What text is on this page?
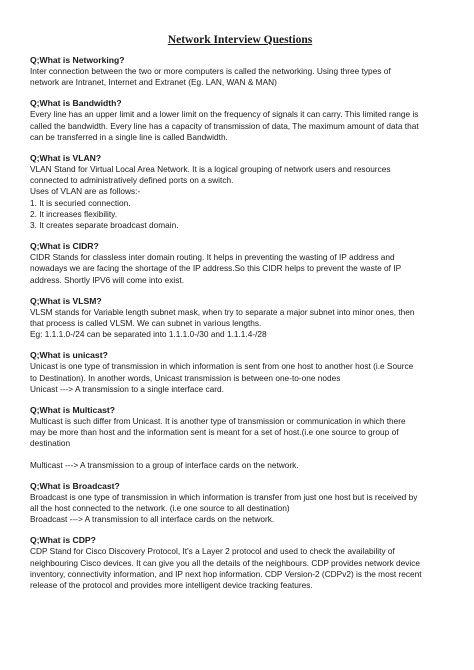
Network Interview Questions

Q;What is Networking?

Inter connection between the two or more computers is called the networking. Using three types of

network are Intranet, Internet and Extranet (Eg. LAN, WAN & MAN)

Q;What is Bandwidth?

Every line has an upper limit and a lower limit on the frequency of signals it can carry. This limited range is

called the bandwidth. Every line has a capacity of transmission of data, The maximum amount of data that

can be transferred in a single line is called Bandwidth.

Q;What is VLAN?

VLAN Stand for Virtual Local Area Network. It is a logical grouping of network users and resources

connected to administratively defined ports on a switch.

Uses of VLAN are as follows:-

1. It is securied connection.

2. It increases flexibility.

3. It creates separate broadcast domain.

Q;What is CIDR?

CIDR Stands for classless inter domain routing. It helps in preventing the wasting of IP address and

nowadays we are facing the shortage of the IP address.So this CIDR helps to prevent the waste of IP

address. Shortly IPV6 will come into exist.

Q;What is VLSM?

VLSM stands for Variable length subnet mask, when try to separate a major subnet into minor ones, then

that process is called VLSM. We can subnet in various lengths.

Eg: 1.1.1.0-/24 can be separated into 1.1.1.0-/30 and 1.1.1.4-/28

Q;What is unicast?

Unicast is one type of transmission in which information is sent from one host to another host (i.e Source

to Destination). In another words, Unicast transmission is between one-to-one nodes

Unicast ---> A transmission to a single interface card.

Q;What is Multicast?

Multicast is such differ from Unicast. It is another type of transmission or communication in which there

may be more than host and the information sent is meant for a set of host.(i.e one source to group of

destination

Multicast ---> A transmission to a group of interface cards on the network.

Q;What is Broadcast?

Broadcast is one type of transmission in which information is transfer from just one host but is received by

all the host connected to the network. (i.e one source to all destination)

Broadcast ---> A transmission to all interface cards on the network.

Q;What is CDP?

CDP Stand for Cisco Discovery Protocol, It's a Layer 2 protocol and used to check the availability of

neighbouring Cisco devices. It can give you all the details of the neighbours. CDP provides network device

inventory, connectivity information, and IP next hop information. CDP Version-2 (CDPv2) is the most recent

release of the protocol and provides more intelligent device tracking features.
